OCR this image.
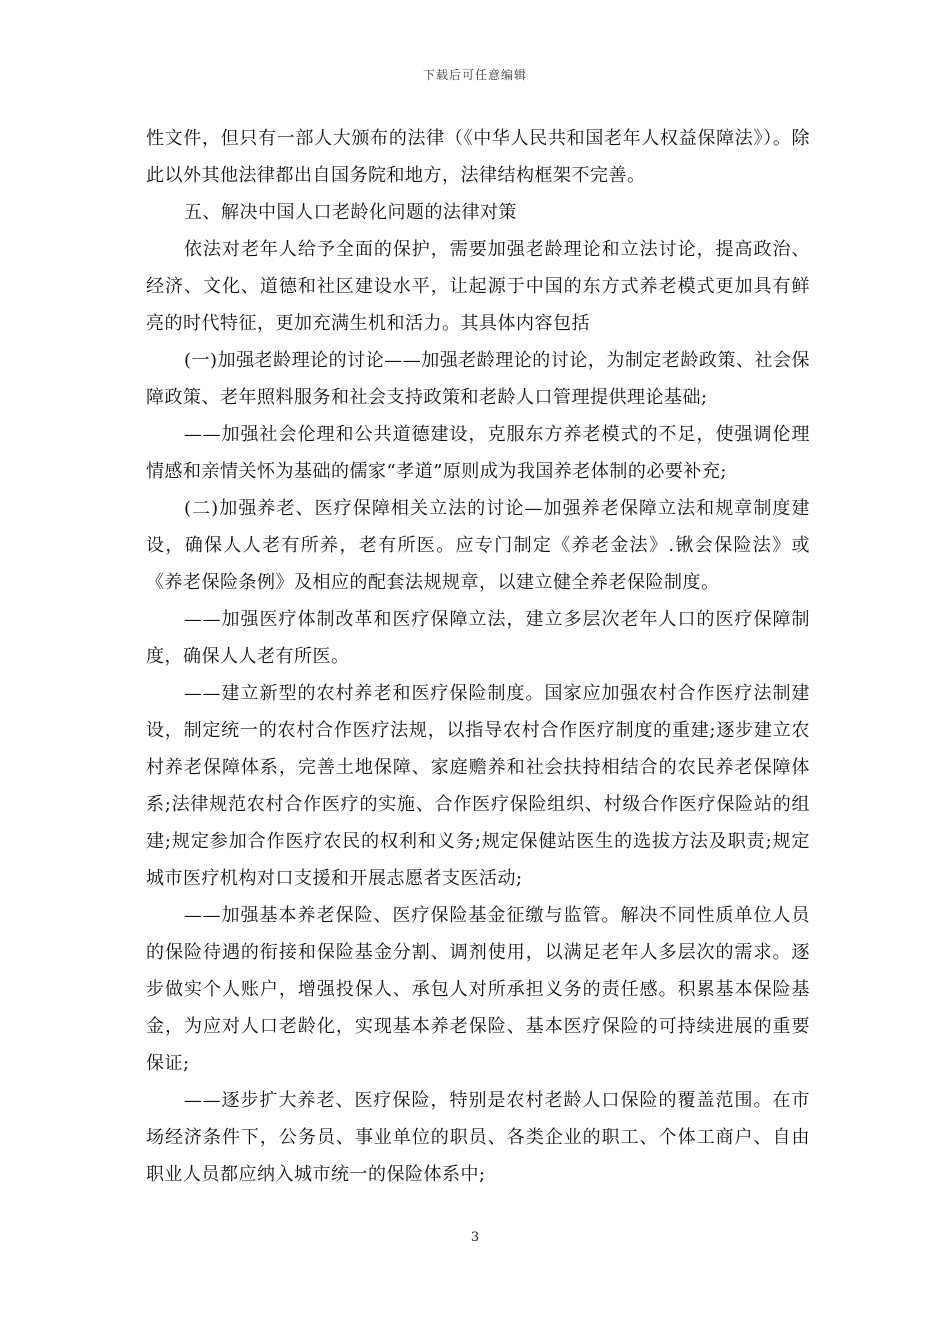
下载后可任意编辑

性文件，但只有一部人大颁布的法律（《中华人民共和国老年人权益保障法》）。除此以外其他法律都出自国务院和地方，法律结构框架不完善。

五、解决中国人口老龄化问题的法律对策

依法对老年人给予全面的保护，需要加强老龄理论和立法讨论，提高政治、经济、文化、道德和社区建设水平，让起源于中国的东方式养老模式更加具有鲜亮的时代特征，更加充满生机和活力。其具体内容包括

(一)加强老龄理论的讨论——加强老龄理论的讨论，为制定老龄政策、社会保障政策、老年照料服务和社会支持政策和老龄人口管理提供理论基础;

——加强社会伦理和公共道德建设，克服东方养老模式的不足，使强调伦理情感和亲情关怀为基础的儒家“孝道”原则成为我国养老体制的必要补充;

(二)加强养老、医疗保障相关立法的讨论—加强养老保障立法和规章制度建设，确保人人老有所养，老有所医。应专门制定《养老金法》.锹会保险法》或《养老保险条例》及相应的配套法规规章，以建立健全养老保险制度。

——加强医疗体制改革和医疗保障立法，建立多层次老年人口的医疗保障制度，确保人人老有所医。

——建立新型的农村养老和医疗保险制度。国家应加强农村合作医疗法制建设，制定统一的农村合作医疗法规，以指导农村合作医疗制度的重建;逐步建立农村养老保障体系，完善土地保障、家庭赡养和社会扶持相结合的农民养老保障体系;法律规范农村合作医疗的实施、合作医疗保险组织、村级合作医疗保险站的组建;规定参加合作医疗农民的权利和义务;规定保健站医生的选拔方法及职责;规定城市医疗机构对口支援和开展志愿者支医活动;

——加强基本养老保险、医疗保险基金征缴与监管。解决不同性质单位人员的保险待遇的衔接和保险基金分割、调剂使用，以满足老年人多层次的需求。逐步做实个人账户，增强投保人、承包人对所承担义务的责任感。积累基本保险基金，为应对人口老龄化，实现基本养老保险、基本医疗保险的可持续进展的重要保证;

——逐步扩大养老、医疗保险，特别是农村老龄人口保险的覆盖范围。在市场经济条件下，公务员、事业单位的职员、各类企业的职工、个体工商户、自由职业人员都应纳入城市统一的保险体系中;

3
